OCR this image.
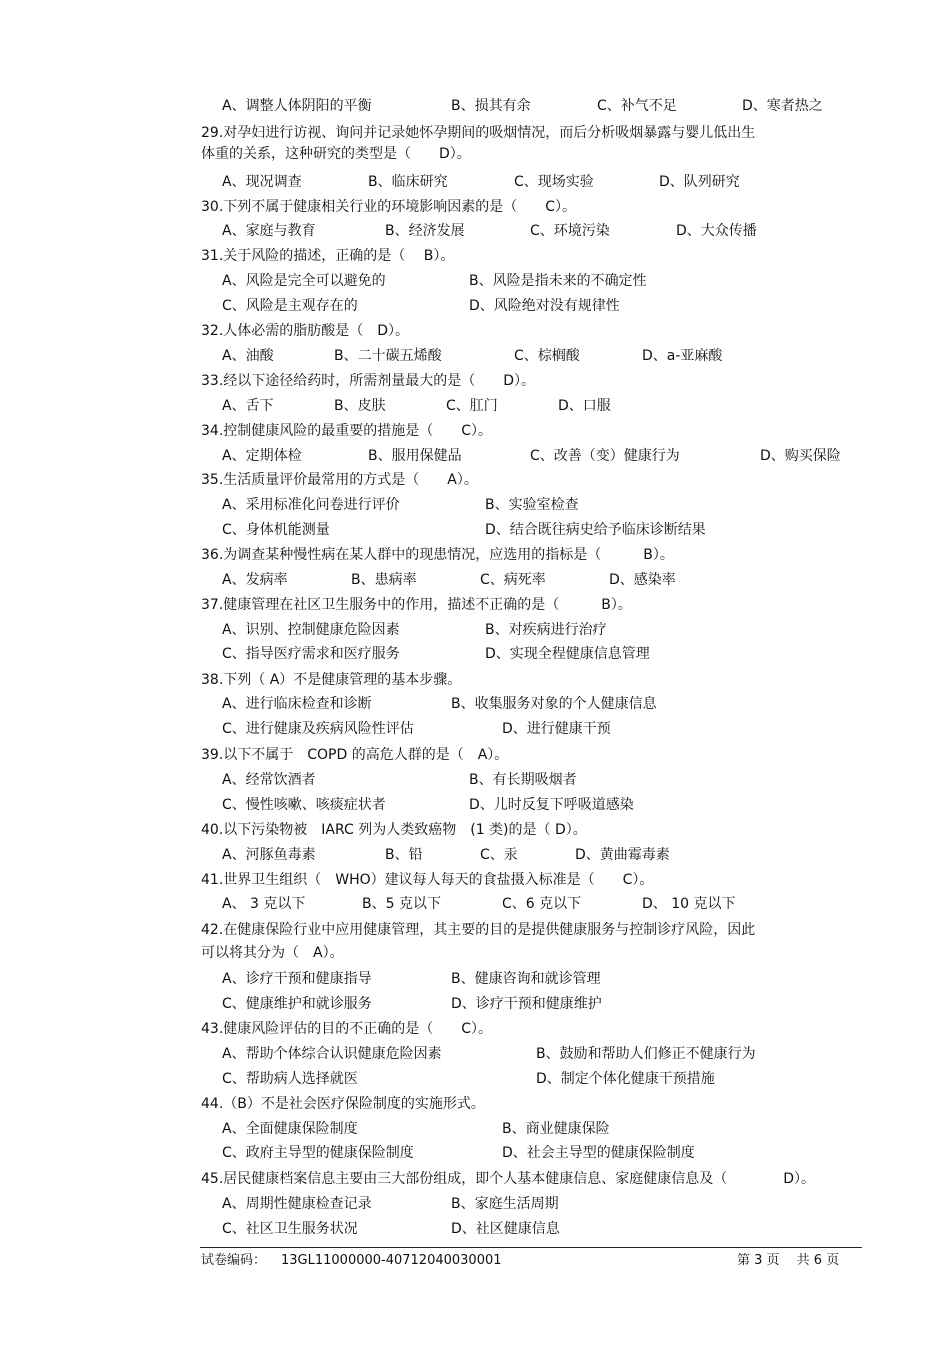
A、调整人体阴阳的平衡	B、损其有余	C、补气不足	D、寒者热之
29.对孕妇进行访视、询问并记录她怀孕期间的吸烟情况，而后分析吸烟暴露与婴儿低出生
体重的关系，这种研究的类型是（　　D）。
A、现况调查	B、临床研究	C、现场实验	D、队列研究
30.下列不属于健康相关行业的环境影响因素的是（　　C）。
A、家庭与教育	B、经济发展	C、环境污染	D、大众传播
31.关于风险的描述，正确的是（　 B）。
A、风险是完全可以避免的	B、风险是指未来的不确定性
C、风险是主观存在的	D、风险绝对没有规律性
32.人体必需的脂肪酸是（　D）。
A、油酸	B、二十碳五烯酸	C、棕榈酸	D、a-亚麻酸
33.经以下途径给药时，所需剂量最大的是（　　D）。
A、舌下	B、皮肤	C、肛门	D、口服
34.控制健康风险的最重要的措施是（　　C）。
A、定期体检	B、服用保健品	C、改善（变）健康行为	D、购买保险
35.生活质量评价最常用的方式是（　　A）。
A、采用标准化问卷进行评价	B、实验室检查
C、身体机能测量	D、结合既往病史给予临床诊断结果
36.为调查某种慢性病在某人群中的现患情况，应选用的指标是（　　　B）。
A、发病率	B、患病率	C、病死率	D、感染率
37.健康管理在社区卫生服务中的作用，描述不正确的是（　　　B）。
A、识别、控制健康危险因素	B、对疾病进行治疗
C、指导医疗需求和医疗服务	D、实现全程健康信息管理
38.下列（ A）不是健康管理的基本步骤。
A、进行临床检查和诊断	B、收集服务对象的个人健康信息
C、进行健康及疾病风险性评估	D、进行健康干预
39.以下不属于　COPD 的高危人群的是（　A）。
A、经常饮酒者	B、有长期吸烟者
C、慢性咳嗽、咳痰症状者	D、儿时反复下呼吸道感染
40.以下污染物被　IARC 列为人类致癌物　(1 类)的是（ D）。
A、河豚鱼毒素	B、铅	C、汞	D、黄曲霉毒素
41.世界卫生组织（　WHO）建议每人每天的食盐摄入标准是（　　C）。
A、 3 克以下	B、5 克以下	C、6 克以下	D、 10 克以下
42.在健康保险行业中应用健康管理，其主要的目的是提供健康服务与控制诊疗风险，因此
可以将其分为（　A）。
A、诊疗干预和健康指导	B、健康咨询和就诊管理
C、健康维护和就诊服务	D、诊疗干预和健康维护
43.健康风险评估的目的不正确的是（　　C）。
A、帮助个体综合认识健康危险因素	B、鼓励和帮助人们修正不健康行为
C、帮助病人选择就医	D、制定个体化健康干预措施
44.（B）不是社会医疗保险制度的实施形式。
A、全面健康保险制度	B、商业健康保险
C、政府主导型的健康保险制度	D、社会主导型的健康保险制度
45.居民健康档案信息主要由三大部份组成，即个人基本健康信息、家庭健康信息及（　　　　D）。
A、周期性健康检查记录	B、家庭生活周期
C、社区卫生服务状况	D、社区健康信息
试卷编码： 13GL11000000-40712040030001	第 3 页　 共 6 页
